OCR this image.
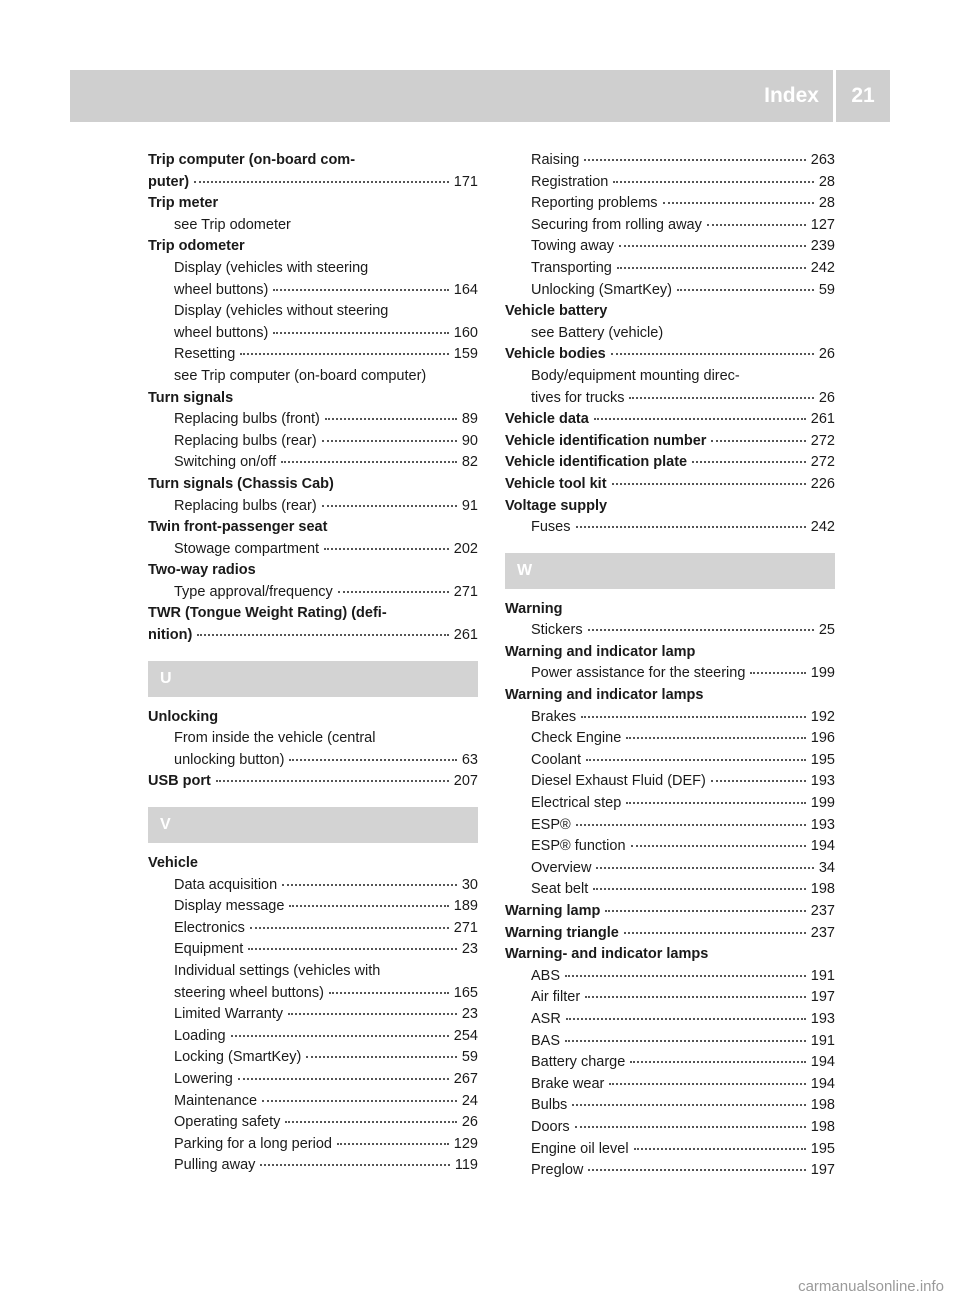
Index	21
Trip computer (on-board com-
puter)	171
Trip meter
see Trip odometer
Trip odometer
Display (vehicles with steering
wheel buttons)	164
Display (vehicles without steering
wheel buttons)	160
Resetting	159
see Trip computer (on-board computer)
Turn signals
Replacing bulbs (front)	89
Replacing bulbs (rear)	90
Switching on/off	82
Turn signals (Chassis Cab)
Replacing bulbs (rear)	91
Twin front-passenger seat
Stowage compartment	202
Two-way radios
Type approval/frequency	271
TWR (Tongue Weight Rating) (defi-
nition)	261
U
Unlocking
From inside the vehicle (central
unlocking button)	63
USB port	207
V
Vehicle
Data acquisition	30
Display message	189
Electronics	271
Equipment	23
Individual settings (vehicles with
steering wheel buttons)	165
Limited Warranty	23
Loading	254
Locking (SmartKey)	59
Lowering	267
Maintenance	24
Operating safety	26
Parking for a long period	129
Pulling away	119
Raising	263
Registration	28
Reporting problems	28
Securing from rolling away	127
Towing away	239
Transporting	242
Unlocking (SmartKey)	59
Vehicle battery
see Battery (vehicle)
Vehicle bodies	26
Body/equipment mounting direc-
tives for trucks	26
Vehicle data	261
Vehicle identification number	272
Vehicle identification plate	272
Vehicle tool kit	226
Voltage supply
Fuses	242
W
Warning
Stickers	25
Warning and indicator lamp
Power assistance for the steering	199
Warning and indicator lamps
Brakes	192
Check Engine	196
Coolant	195
Diesel Exhaust Fluid (DEF)	193
Electrical step	199
ESP®	193
ESP® function	194
Overview	34
Seat belt	198
Warning lamp	237
Warning triangle	237
Warning- and indicator lamps
ABS	191
Air filter	197
ASR	193
BAS	191
Battery charge	194
Brake wear	194
Bulbs	198
Doors	198
Engine oil level	195
Preglow	197
carmanualsonline.info
